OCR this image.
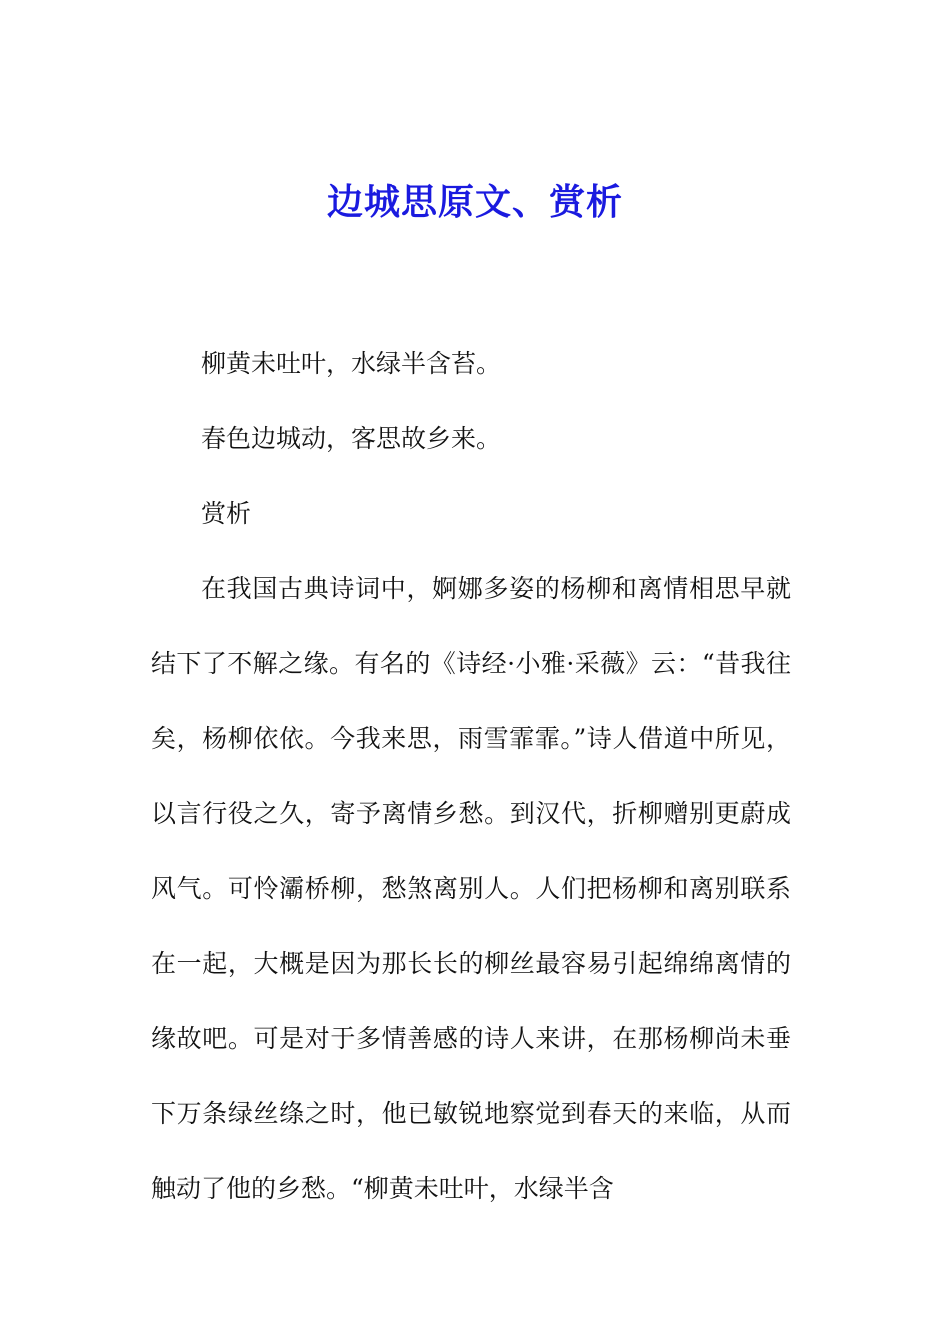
边城思原文、赏析

柳黄未吐叶，水绿半含苔。

春色边城动，客思故乡来。

赏析

在我国古典诗词中，婀娜多姿的杨柳和离情相思早就结下了不解之缘。有名的《诗经·小雅·采薇》云：“昔我往矣，杨柳依依。今我来思，雨雪霏霏。”诗人借道中所见，以言行役之久，寄予离情乡愁。到汉代，折柳赠别更蔚成风气。可怜灞桥柳，愁煞离别人。人们把杨柳和离别联系在一起，大概是因为那长长的柳丝最容易引起绵绵离情的缘故吧。可是对于多情善感的诗人来讲，在那杨柳尚未垂下万条绿丝绦之时，他已敏锐地察觉到春天的来临，从而触动了他的乡愁。“柳黄未吐叶，水绿半含
